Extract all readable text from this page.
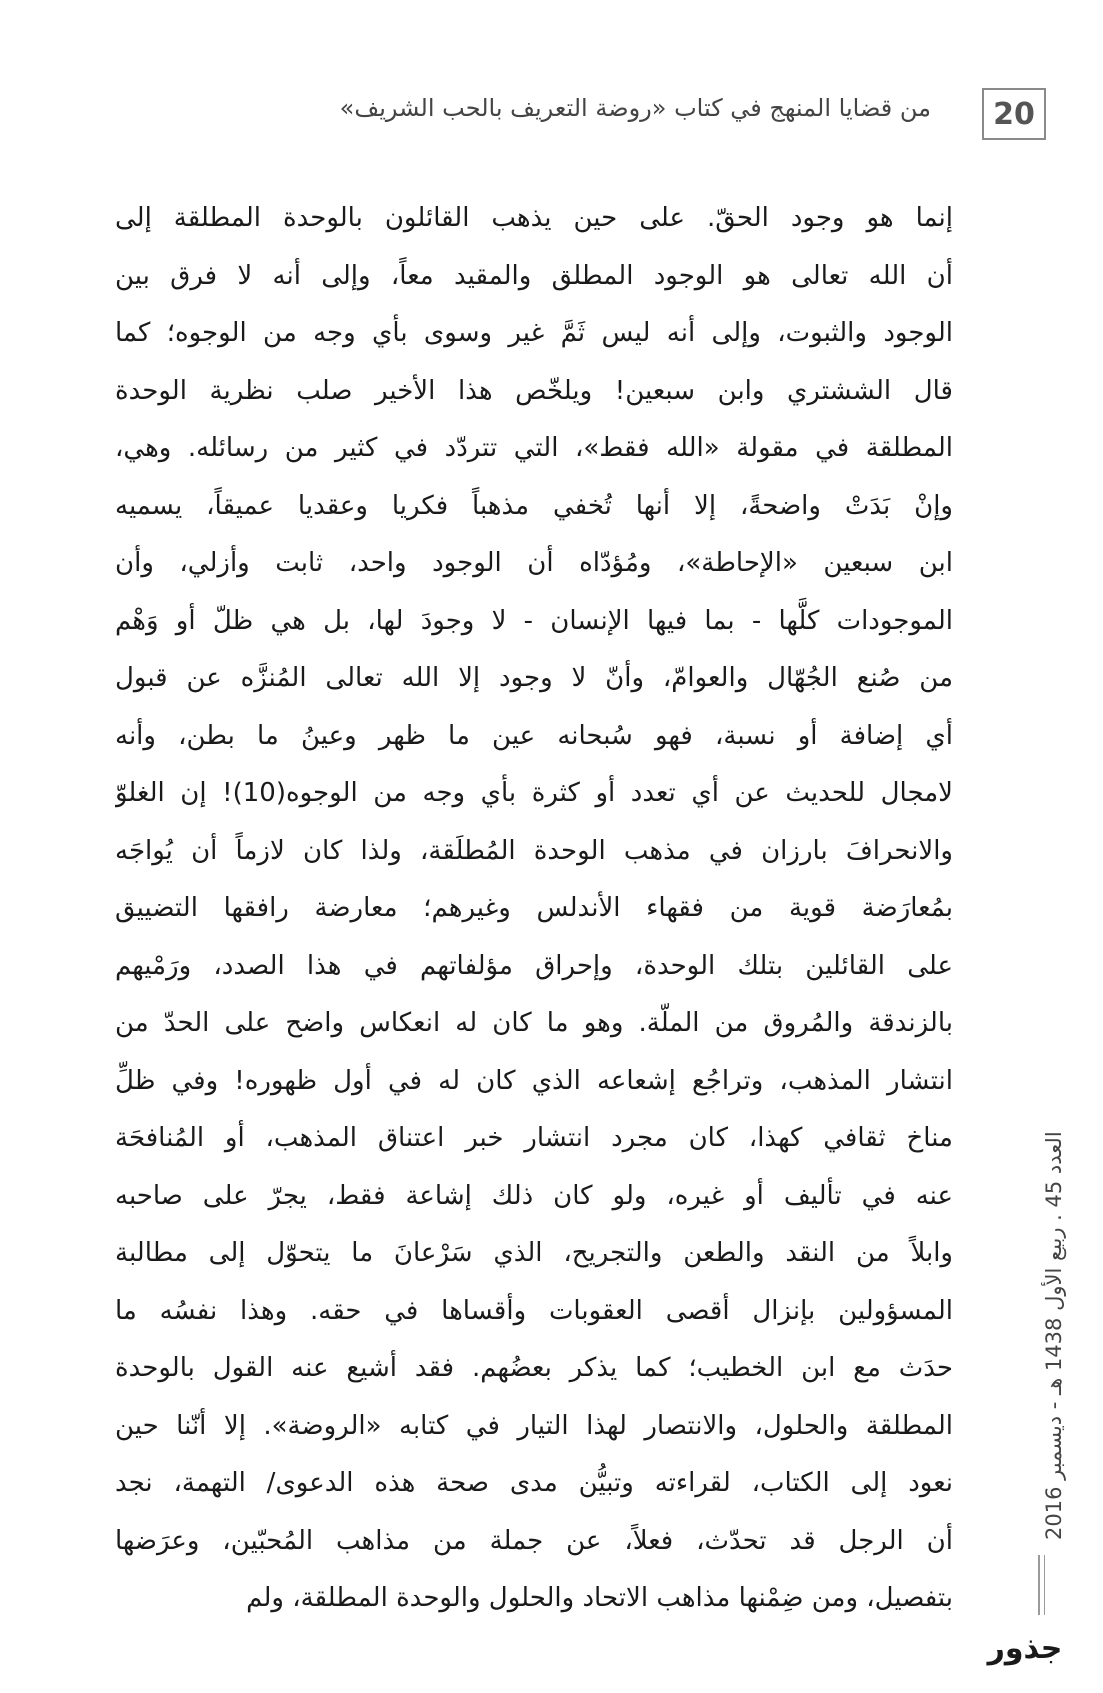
20
من قضايا المنهج في كتاب «روضة التعريف بالحب الشريف»
إنما هو وجود الحقّ. على حين يذهب القائلون بالوحدة المطلقة إلى
أن الله تعالى هو الوجود المطلق والمقيد معاً، وإلى أنه لا فرق بين
الوجود والثبوت، وإلى أنه ليس ثَمَّ غير وسوى بأي وجه من الوجوه؛ كما
قال الششتري وابن سبعين! ويلخّص هذا الأخير صلب نظرية الوحدة
المطلقة في مقولة «الله فقط»، التي تتردّد في كثير من رسائله. وهي،
وإنْ بَدَتْ واضحةً، إلا أنها تُخفي مذهباً فكريا وعقديا عميقاً، يسميه
ابن سبعين «الإحاطة»، ومُؤدّاه أن الوجود واحد، ثابت وأزلي، وأن
الموجودات كلَّها - بما فيها الإنسان - لا وجودَ لها، بل هي ظلّ أو وَهْم
من صُنع الجُهّال والعوامّ، وأنّ لا وجود إلا الله تعالى المُنزَّه عن قبول
أي إضافة أو نسبة، فهو سُبحانه عين ما ظهر وعينُ ما بطن، وأنه
لامجال للحديث عن أي تعدد أو كثرة بأي وجه من الوجوه(10)! إن الغلوّ
والانحرافَ بارزان في مذهب الوحدة المُطلَقة، ولذا كان لازماً أن يُواجَه
بمُعارَضة قوية من فقهاء الأندلس وغيرهم؛ معارضة رافقها التضييق
على القائلين بتلك الوحدة، وإحراق مؤلفاتهم في هذا الصدد، ورَمْيهم
بالزندقة والمُروق من الملّة. وهو ما كان له انعكاس واضح على الحدّ من
انتشار المذهب، وتراجُع إشعاعه الذي كان له في أول ظهوره! وفي ظلِّ
مناخ ثقافي كهذا، كان مجرد انتشار خبر اعتناق المذهب، أو المُنافحَة
عنه في تأليف أو غيره، ولو كان ذلك إشاعة فقط، يجرّ على صاحبه
وابلاً من النقد والطعن والتجريح، الذي سَرْعانَ ما يتحوّل إلى مطالبة
المسؤولين بإنزال أقصى العقوبات وأقساها في حقه. وهذا نفسُه ما
حدَث مع ابن الخطيب؛ كما يذكر بعضُهم. فقد أشيع عنه القول بالوحدة
المطلقة والحلول، والانتصار لهذا التيار في كتابه «الروضة». إلا أنّنا حين
نعود إلى الكتاب، لقراءته وتبيُّن مدى صحة هذه الدعوى/ التهمة، نجد
أن الرجل قد تحدّث، فعلاً، عن جملة من مذاهب المُحبّين، وعرَضها
بتفصيل، ومن ضِمْنها مذاهب الاتحاد والحلول والوحدة المطلقة، ولم
العدد 45 . ربيع الأول 1438 هـ - ديسمبر 2016
جذور
